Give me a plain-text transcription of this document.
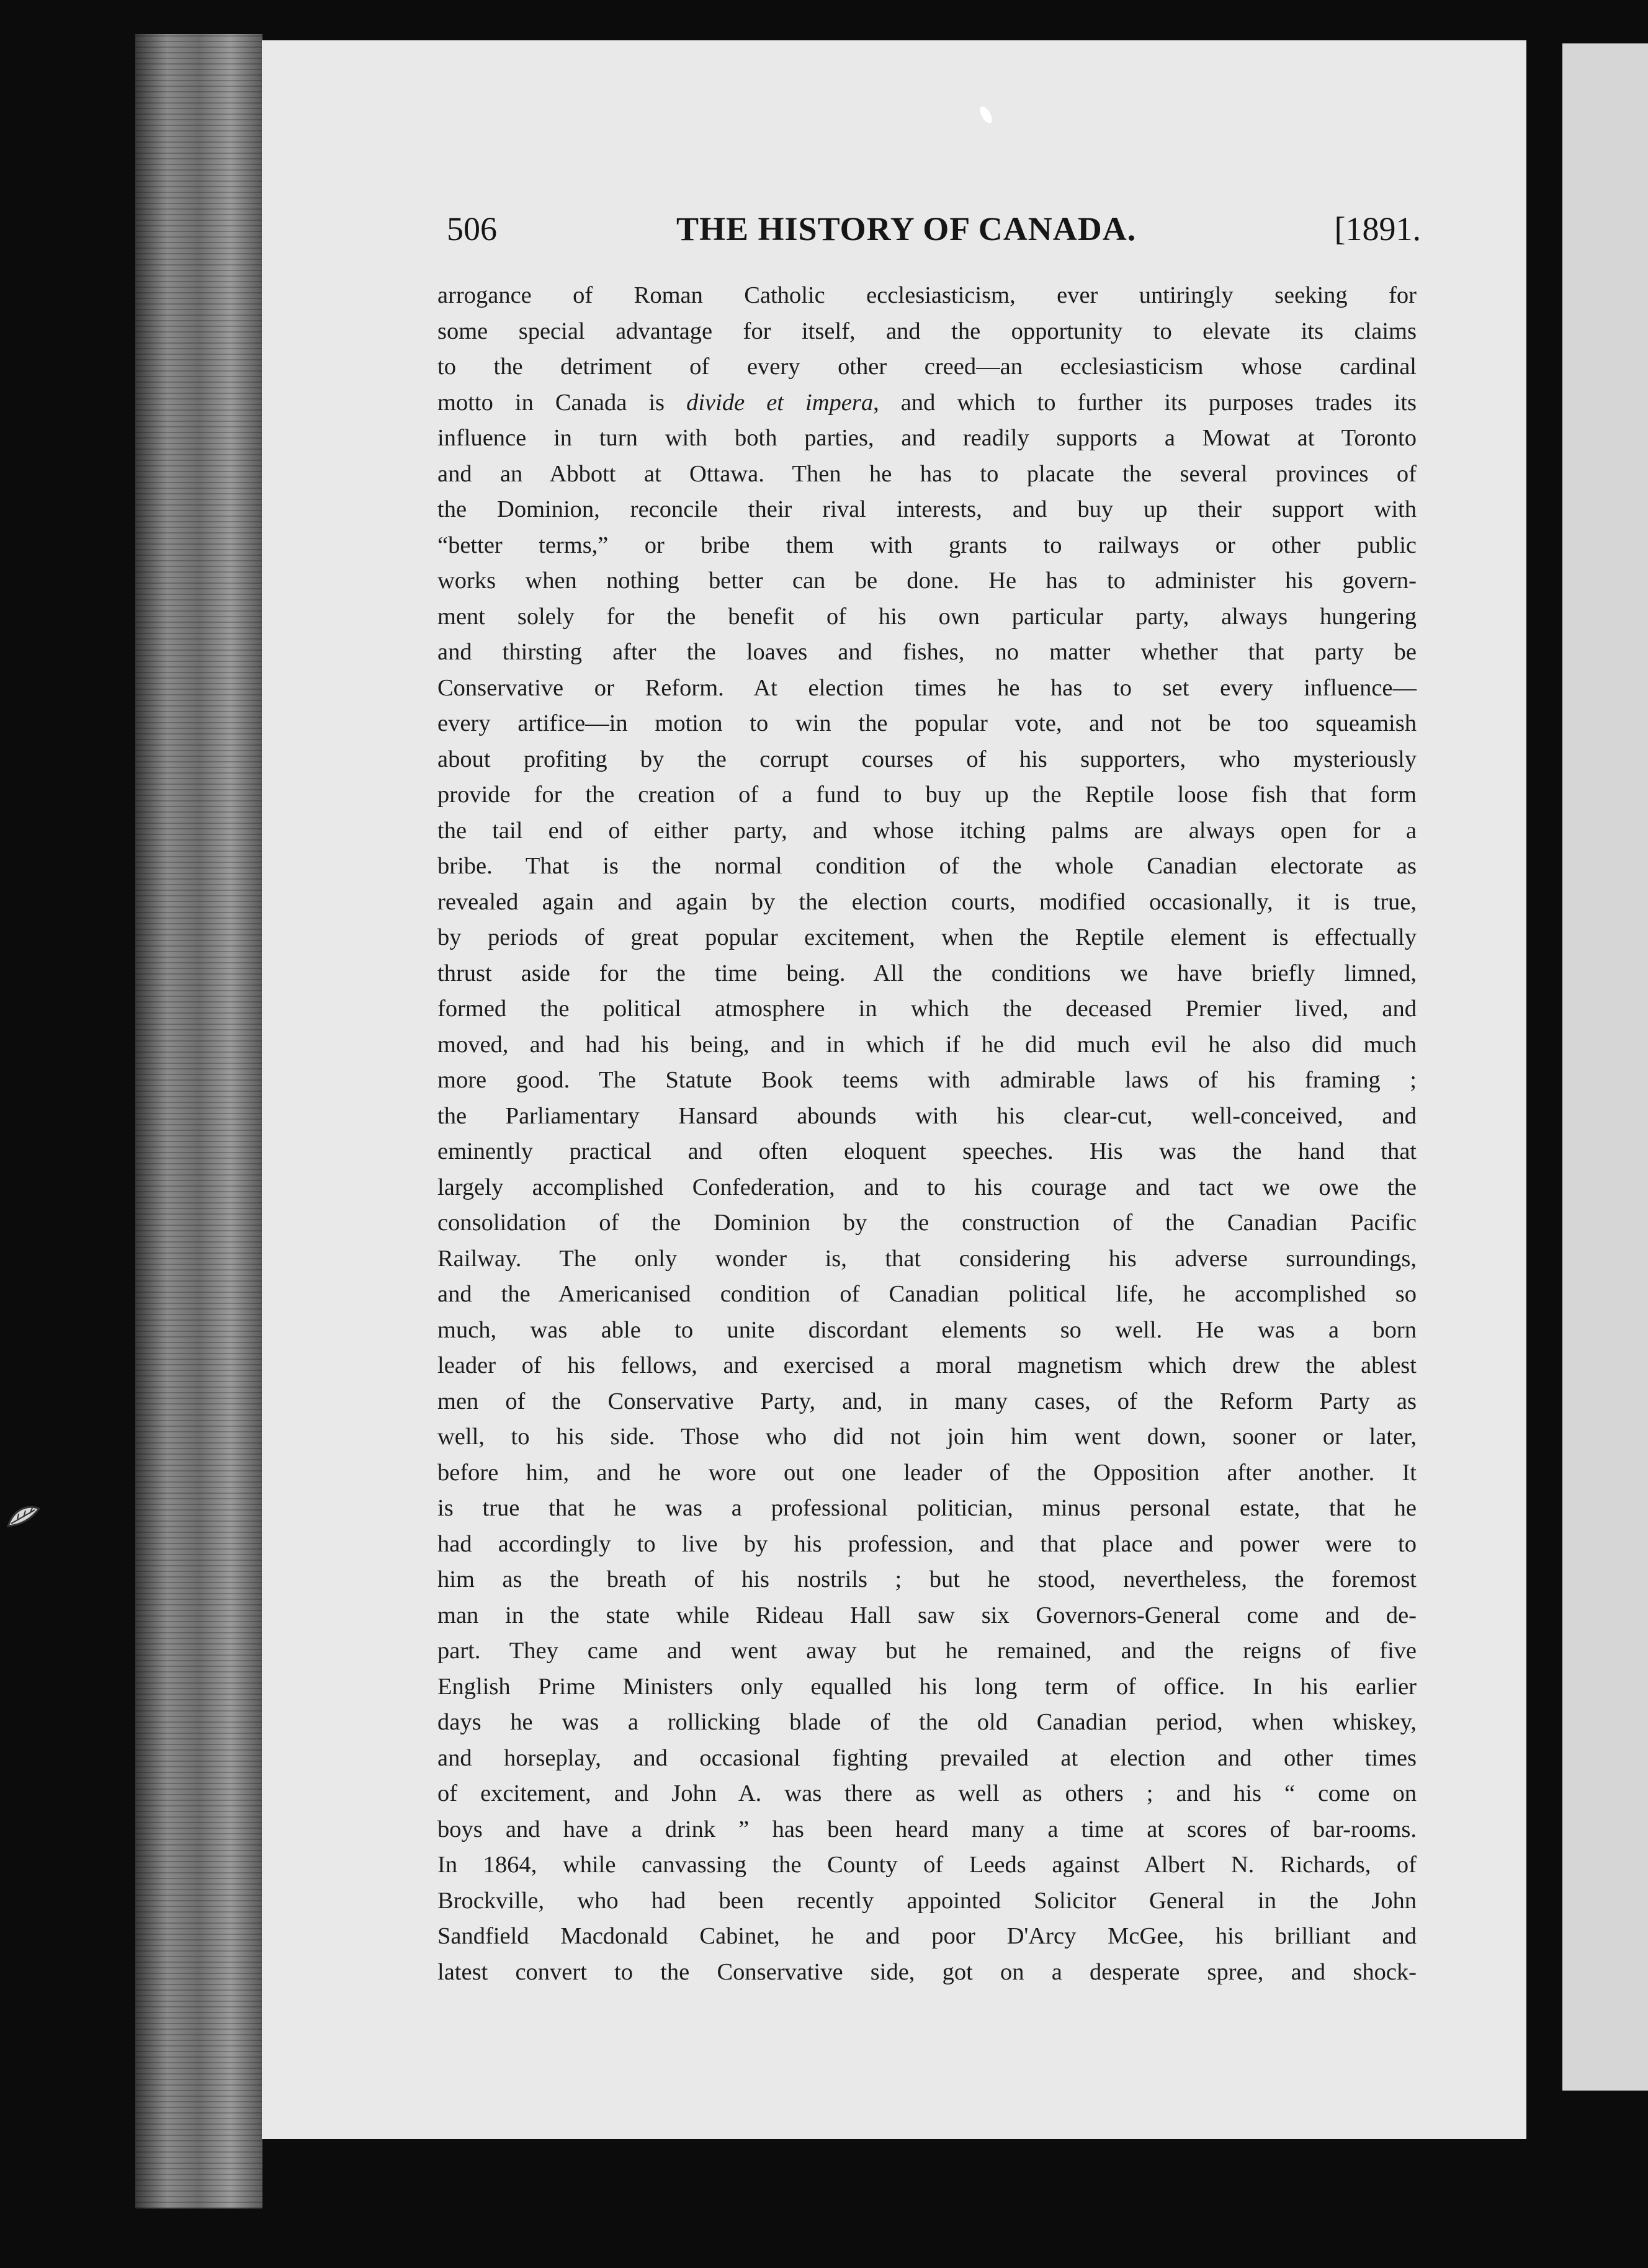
506	THE HISTORY OF CANADA.	[1891.
arrogance of Roman Catholic ecclesiasticism, ever untiringly seeking for
some special advantage for itself, and the opportunity to elevate its claims
to the detriment of every other creed—an ecclesiasticism whose cardinal
motto in Canada is divide et impera, and which to further its purposes trades its
influence in turn with both parties, and readily supports a Mowat at Toronto
and an Abbott at Ottawa. Then he has to placate the several provinces of
the Dominion, reconcile their rival interests, and buy up their support with
“better terms,” or bribe them with grants to railways or other public
works when nothing better can be done. He has to administer his govern-
ment solely for the benefit of his own particular party, always hungering
and thirsting after the loaves and fishes, no matter whether that party be
Conservative or Reform. At election times he has to set every influence—
every artifice—in motion to win the popular vote, and not be too squeamish
about profiting by the corrupt courses of his supporters, who mysteriously
provide for the creation of a fund to buy up the Reptile loose fish that form
the tail end of either party, and whose itching palms are always open for a
bribe. That is the normal condition of the whole Canadian electorate as
revealed again and again by the election courts, modified occasionally, it is true,
by periods of great popular excitement, when the Reptile element is effectually
thrust aside for the time being. All the conditions we have briefly limned,
formed the political atmosphere in which the deceased Premier lived, and
moved, and had his being, and in which if he did much evil he also did much
more good. The Statute Book teems with admirable laws of his framing ;
the Parliamentary Hansard abounds with his clear-cut, well-conceived, and
eminently practical and often eloquent speeches. His was the hand that
largely accomplished Confederation, and to his courage and tact we owe the
consolidation of the Dominion by the construction of the Canadian Pacific
Railway. The only wonder is, that considering his adverse surroundings,
and the Americanised condition of Canadian political life, he accomplished so
much, was able to unite discordant elements so well. He was a born
leader of his fellows, and exercised a moral magnetism which drew the ablest
men of the Conservative Party, and, in many cases, of the Reform Party as
well, to his side. Those who did not join him went down, sooner or later,
before him, and he wore out one leader of the Opposition after another. It
is true that he was a professional politician, minus personal estate, that he
had accordingly to live by his profession, and that place and power were to
him as the breath of his nostrils ; but he stood, nevertheless, the foremost
man in the state while Rideau Hall saw six Governors-General come and de-
part. They came and went away but he remained, and the reigns of five
English Prime Ministers only equalled his long term of office. In his earlier
days he was a rollicking blade of the old Canadian period, when whiskey,
and horseplay, and occasional fighting prevailed at election and other times
of excitement, and John A. was there as well as others ; and his “ come on
boys and have a drink ” has been heard many a time at scores of bar-rooms.
In 1864, while canvassing the County of Leeds against Albert N. Richards, of
Brockville, who had been recently appointed Solicitor General in the John
Sandfield Macdonald Cabinet, he and poor D'Arcy McGee, his brilliant and
latest convert to the Conservative side, got on a desperate spree, and shock-
